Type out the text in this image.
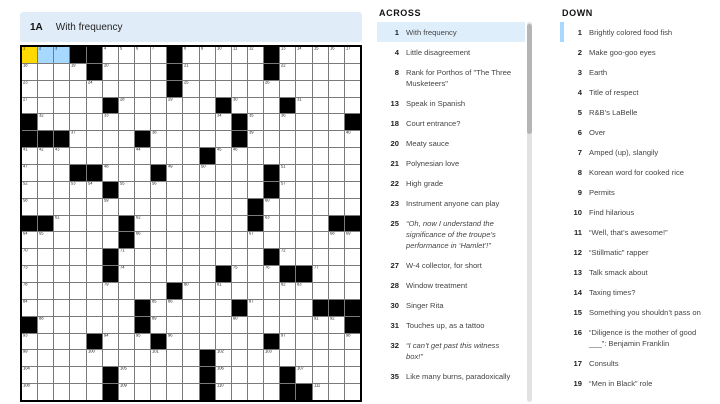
1A With frequency
1 2 3	4 5 6 7	8 9 10 11 12	13 14 15 16 17
18	19	20	21	22
23	24	25	26
27	28	29	30	31
32	33	34	35	36
37	38	39	40
41 42 43	44	45 46
47	48	49	50	51
52	53 54	55	56	57
58	59	60
61	62	63
64 65	66	67	68 69
70	71	72
73	74	75	76	77
78	79	80	81	82 83
84	85 86	87
88	89	90	91 92
93	94	95	96	97	98
99	100	101	102	103
104	105	106	107
108	109	110	111
ACROSS
1 With frequency
4 Little disagreement
8 Rank for Porthos of "The Three Musketeers"
13 Speak in Spanish
18 Court entrance?
20 Meaty sauce
21 Polynesian love
22 High grade
23 Instrument anyone can play
25 “Oh, now I understand the significance of the troupe’s performance in ‘Hamlet’!”
27 W-4 collector, for short
28 Window treatment
30 Singer Rita
31 Touches up, as a tattoo
32 “I can’t get past this witness box!”
35 Like many burns, paradoxically
DOWN
1 Brightly colored food fish
2 Make goo-goo eyes
3 Earth
4 Title of respect
5 R&B’s LaBelle
6 Over
7 Amped (up), slangily
8 Korean word for cooked rice
9 Permits
10 Find hilarious
11 “Well, that’s awesome!”
12 “Stillmatic” rapper
13 Talk smack about
14 Taxing times?
15 Something you shouldn’t pass on
16 “Diligence is the mother of good ___”: Benjamin Franklin
17 Consults
19 “Men in Black” role
